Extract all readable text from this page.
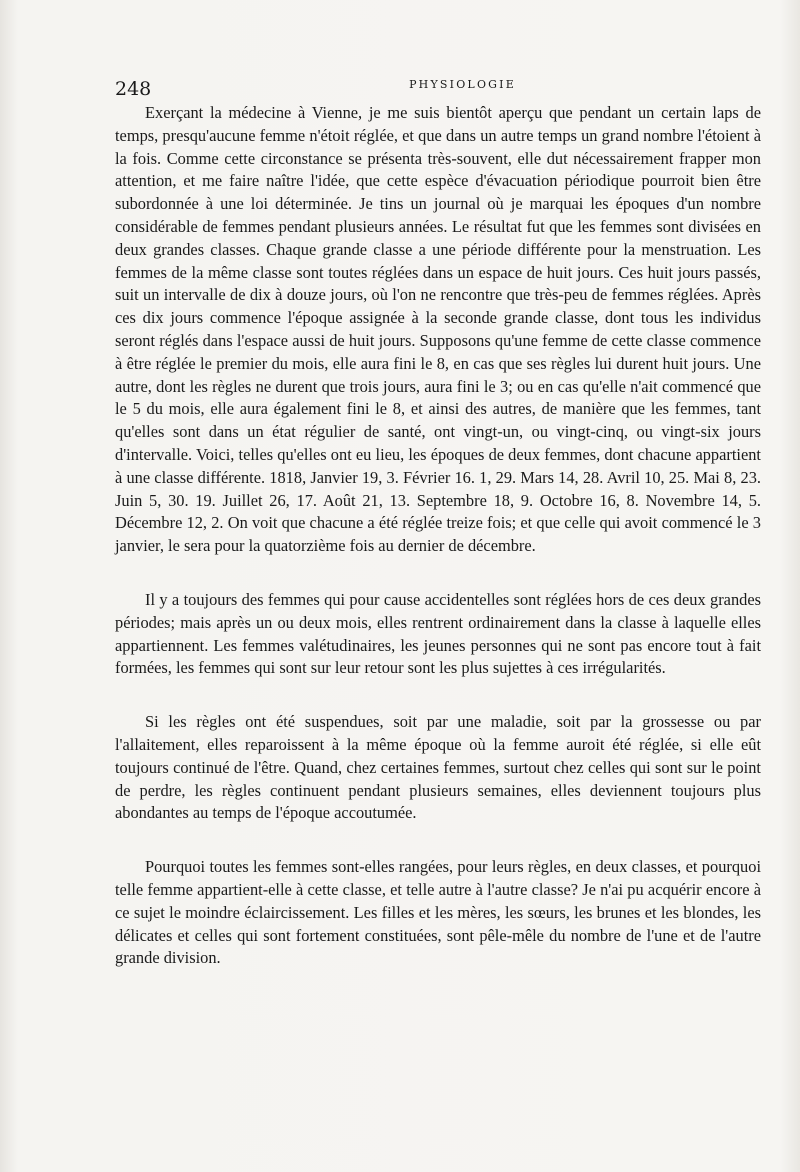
248	PHYSIOLOGIE

Exerçant la médecine à Vienne, je me suis bientôt aperçu que pendant un certain laps de temps, presqu'aucune femme n'étoit réglée, et que dans un autre temps un grand nombre l'étoient à la fois. Comme cette circonstance se présenta très-souvent, elle dut nécessairement frapper mon attention, et me faire naître l'idée, que cette espèce d'évacuation périodique pourroit bien être subordonnée à une loi déterminée. Je tins un journal où je marquai les époques d'un nombre considérable de femmes pendant plusieurs années. Le résultat fut que les femmes sont divisées en deux grandes classes. Chaque grande classe a une période différente pour la menstruation. Les femmes de la même classe sont toutes réglées dans un espace de huit jours. Ces huit jours passés, suit un intervalle de dix à douze jours, où l'on ne rencontre que très-peu de femmes réglées. Après ces dix jours commence l'époque assignée à la seconde grande classe, dont tous les individus seront réglés dans l'espace aussi de huit jours. Supposons qu'une femme de cette classe commence à être réglée le premier du mois, elle aura fini le 8, en cas que ses règles lui durent huit jours. Une autre, dont les règles ne durent que trois jours, aura fini le 3; ou en cas qu'elle n'ait commencé que le 5 du mois, elle aura également fini le 8, et ainsi des autres, de manière que les femmes, tant qu'elles sont dans un état régulier de santé, ont vingt-un, ou vingt-cinq, ou vingt-six jours d'intervalle. Voici, telles qu'elles ont eu lieu, les époques de deux femmes, dont chacune appartient à une classe différente. 1818, Janvier 19, 3. Février 16. 1, 29. Mars 14, 28. Avril 10, 25. Mai 8, 23. Juin 5, 30. 19. Juillet 26, 17. Août 21, 13. Septembre 18, 9. Octobre 16, 8. Novembre 14, 5. Décembre 12, 2. On voit que chacune a été réglée treize fois; et que celle qui avoit commencé le 3 janvier, le sera pour la quatorzième fois au dernier de décembre.

Il y a toujours des femmes qui pour cause accidentelles sont réglées hors de ces deux grandes périodes; mais après un ou deux mois, elles rentrent ordinairement dans la classe à laquelle elles appartiennent. Les femmes valétudinaires, les jeunes personnes qui ne sont pas encore tout à fait formées, les femmes qui sont sur leur retour sont les plus sujettes à ces irrégularités.

Si les règles ont été suspendues, soit par une maladie, soit par la grossesse ou par l'allaitement, elles reparoissent à la même époque où la femme auroit été réglée, si elle eût toujours continué de l'être. Quand, chez certaines femmes, surtout chez celles qui sont sur le point de perdre, les règles continuent pendant plusieurs semaines, elles deviennent toujours plus abondantes au temps de l'époque accoutumée.

Pourquoi toutes les femmes sont-elles rangées, pour leurs règles, en deux classes, et pourquoi telle femme appartient-elle à cette classe, et telle autre à l'autre classe? Je n'ai pu acquérir encore à ce sujet le moindre éclaircissement. Les filles et les mères, les sœurs, les brunes et les blondes, les délicates et celles qui sont fortement constituées, sont pêle-mêle du nombre de l'une et de l'autre grande division.
